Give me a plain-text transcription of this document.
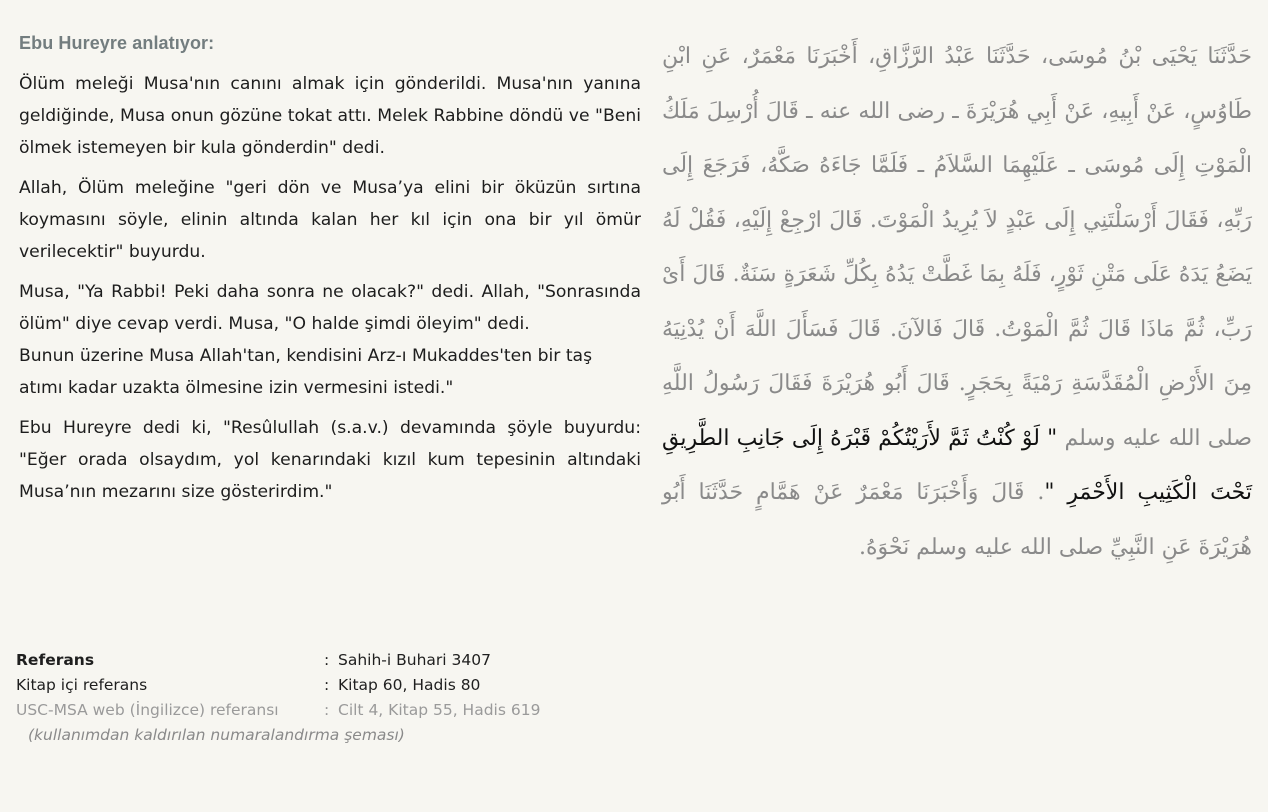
Ebu Hureyre anlatıyor:

Ölüm meleği Musa'nın canını almak için gönderildi. Musa'nın yanına geldiğinde, Musa onun gözüne tokat attı. Melek Rabbine döndü ve "Beni ölmek istemeyen bir kula gönderdin" dedi.

Allah, Ölüm meleğine "geri dön ve Musa’ya elini bir öküzün sırtına koymasını söyle, elinin altında kalan her kıl için ona bir yıl ömür verilecektir" buyurdu.

Musa, "Ya Rabbi! Peki daha sonra ne olacak?" dedi. Allah, "Sonrasında ölüm" diye cevap verdi. Musa, "O halde şimdi öleyim" dedi.

Bunun üzerine Musa Allah'tan, kendisini Arz-ı Mukaddes'ten bir taş atımı kadar uzakta ölmesine izin vermesini istedi."

Ebu Hureyre dedi ki, "Resûlullah (s.a.v.) devamında şöyle buyurdu: "Eğer orada olsaydım, yol kenarındaki kızıl kum tepesinin altındaki Musa’nın mezarını size gösterirdim."

حَدَّثَنَا يَحْيَى بْنُ مُوسَى، حَدَّثَنَا عَبْدُ الرَّزَّاقِ، أَخْبَرَنَا مَعْمَرٌ، عَنِ ابْنِ طَاوُسٍ، عَنْ أَبِيهِ، عَنْ أَبِي هُرَيْرَةَ ـ رضى الله عنه ـ قَالَ أُرْسِلَ مَلَكُ الْمَوْتِ إِلَى مُوسَى ـ عَلَيْهِمَا السَّلاَمُ ـ فَلَمَّا جَاءَهُ صَكَّهُ، فَرَجَعَ إِلَى رَبِّهِ، فَقَالَ أَرْسَلْتَنِي إِلَى عَبْدٍ لاَ يُرِيدُ الْمَوْتَ. قَالَ ارْجِعْ إِلَيْهِ، فَقُلْ لَهُ يَضَعُ يَدَهُ عَلَى مَتْنِ ثَوْرٍ، فَلَهُ بِمَا غَطَّتْ يَدُهُ بِكُلِّ شَعَرَةٍ سَنَةٌ‏.‏ قَالَ أَىْ رَبِّ، ثُمَّ مَاذَا قَالَ ثُمَّ الْمَوْتُ‏.‏ قَالَ فَالآنَ‏.‏ قَالَ فَسَأَلَ اللَّهَ أَنْ يُدْنِيَهُ مِنَ الأَرْضِ الْمُقَدَّسَةِ رَمْيَةً بِحَجَرٍ‏.‏ قَالَ أَبُو هُرَيْرَةَ فَقَالَ رَسُولُ اللَّهِ صلى الله عليه وسلم ‏"‏ لَوْ كُنْتُ ثَمَّ لأَرَيْتُكُمْ قَبْرَهُ إِلَى جَانِبِ الطَّرِيقِ تَحْتَ الْكَثِيبِ الأَحْمَرِ ‏"‏.‏ قَالَ وَأَخْبَرَنَا مَعْمَرٌ عَنْ هَمَّامٍ حَدَّثَنَا أَبُو هُرَيْرَةَ عَنِ النَّبِيِّ صلى الله عليه وسلم نَحْوَهُ‏.

Referans	: Sahih-i Buhari 3407
Kitap içi referans	: Kitap 60, Hadis 80
USC-MSA web (İngilizce) referansı	: Cilt 4, Kitap 55, Hadis 619
(kullanımdan kaldırılan numaralandırma şeması)
